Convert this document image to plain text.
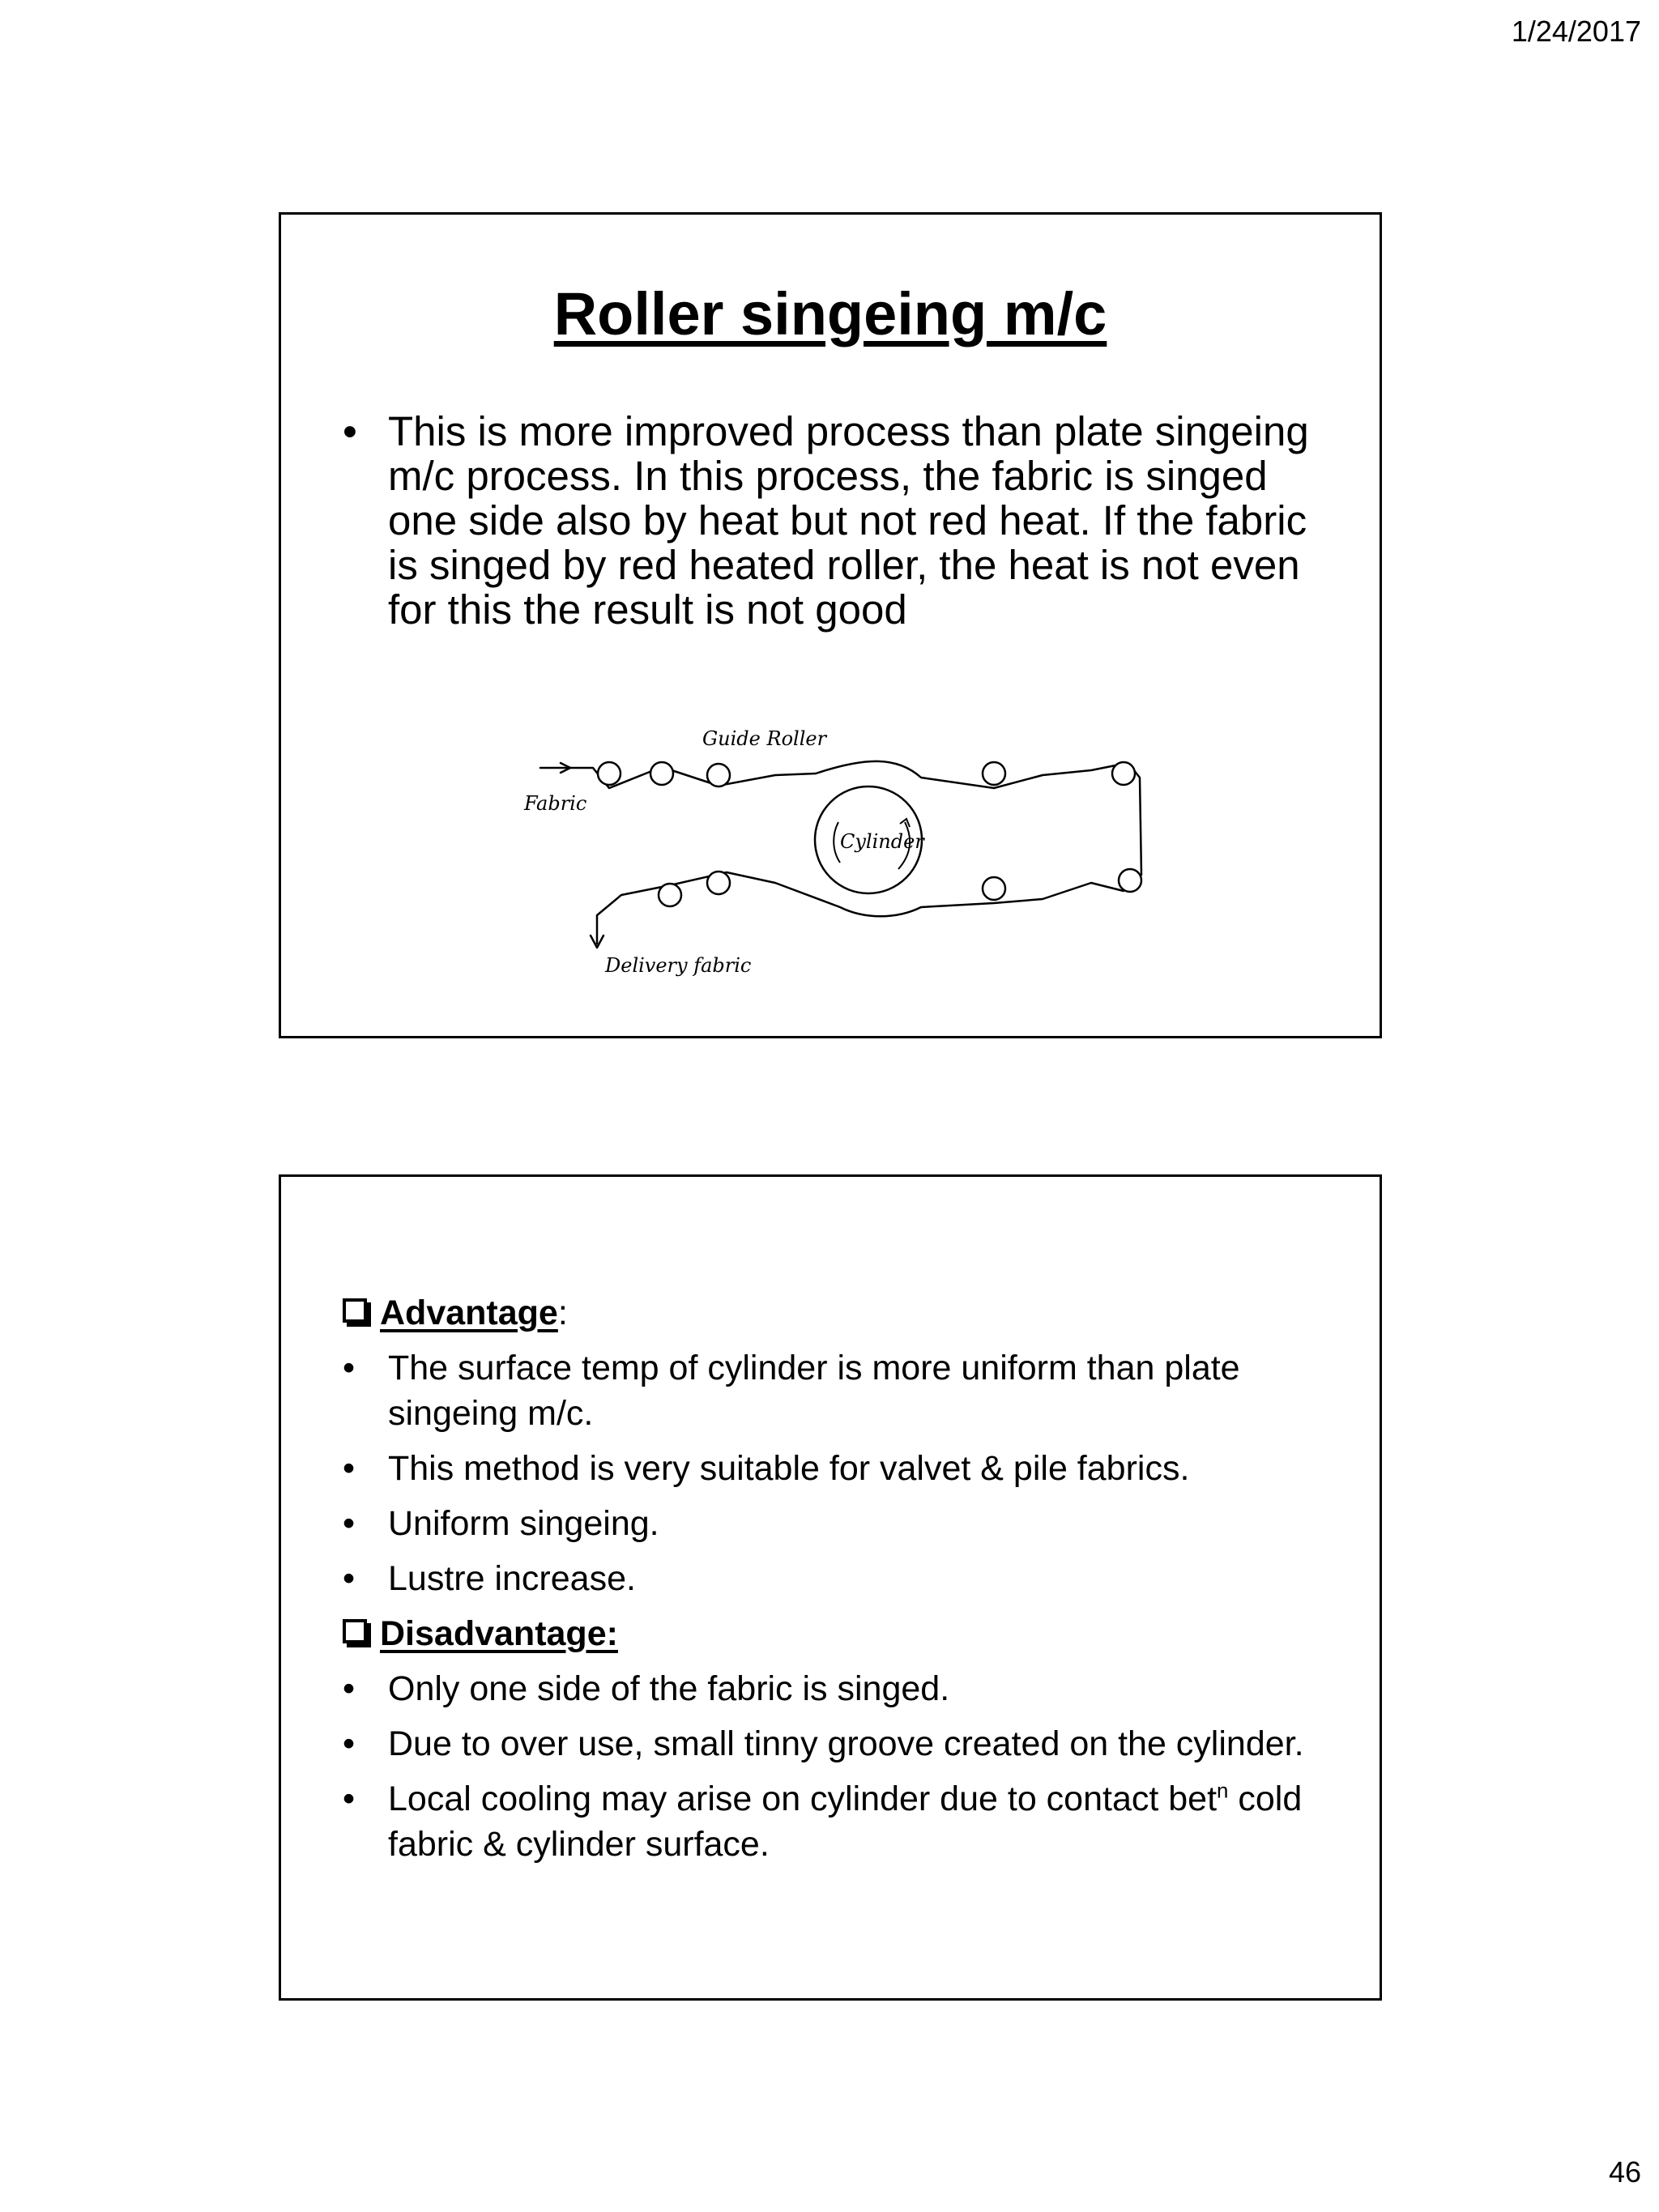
1/24/2017
Roller singeing m/c
• This is more improved process than plate singeing m/c process. In this process, the fabric is singed one side also by heat but not red heat. If the fabric is singed by red heated roller, the heat is not even for this the result is not good
Guide Roller
Fabric
Cylinder
Delivery fabric
Advantage:
• The surface temp of cylinder is more uniform than plate singeing m/c.
• This method is very suitable for valvet & pile fabrics.
• Uniform singeing.
• Lustre increase.
Disadvantage:
• Only one side of the fabric is singed.
• Due to over use, small tinny groove created on the cylinder.
• Local cooling may arise on cylinder due to contact bet$^n$ cold fabric & cylinder surface.
46
